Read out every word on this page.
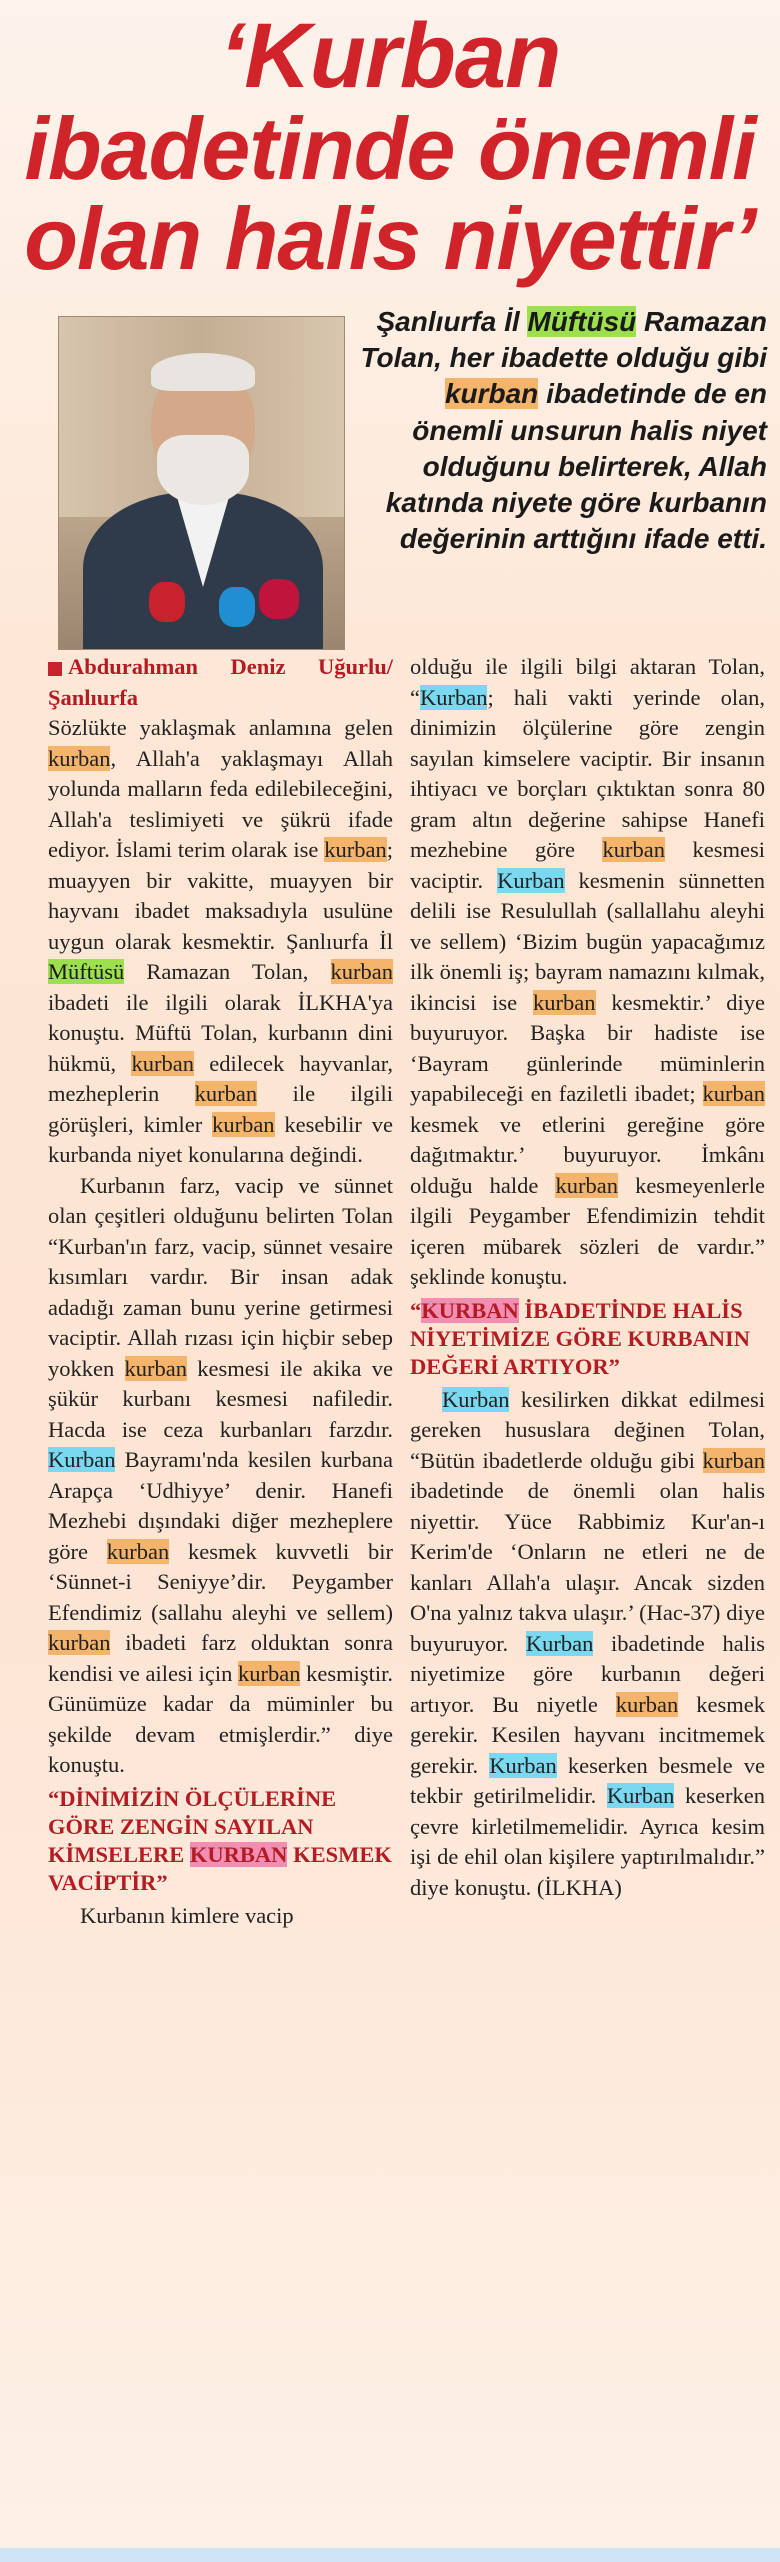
‘Kurban
ibadetinde önemli
olan halis niyettir’
Şanlıurfa İl Müftüsü Ramazan Tolan, her ibadette olduğu gibi kurban ibadetinde de en önemli unsurun halis niyet olduğunu belirterek, Allah katında niyete göre kurbanın değerinin arttığını ifade etti.
Abdurahman Deniz Uğurlu/Şanlıurfa

Sözlükte yaklaşmak anlamına gelen kurban, Allah'a yaklaşmayı Allah yolunda malların feda edilebileceğini, Allah'a teslimiyeti ve şükrü ifade ediyor. İslami terim olarak ise kurban; muayyen bir vakitte, muayyen bir hayvanı ibadet maksadıyla usulüne uygun olarak kesmektir. Şanlıurfa İl Müftüsü Ramazan Tolan, kurban ibadeti ile ilgili olarak İLKHA'ya konuştu. Müftü Tolan, kurbanın dini hükmü, kurban edilecek hayvanlar, mezheplerin kurban ile ilgili görüşleri, kimler kurban kesebilir ve kurbanda niyet konularına değindi.

Kurbanın farz, vacip ve sünnet olan çeşitleri olduğunu belirten Tolan “Kurban'ın farz, vacip, sünnet vesaire kısımları vardır. Bir insan adak adadığı zaman bunu yerine getirmesi vaciptir. Allah rızası için hiçbir sebep yokken kurban kesmesi ile akika ve şükür kurbanı kesmesi nafiledir. Hacda ise ceza kurbanları farzdır. Kurban Bayramı'nda kesilen kurbana Arapça ‘Udhiyye’ denir. Hanefi Mezhebi dışındaki diğer mezheplere göre kurban kesmek kuvvetli bir ‘Sünnet-i Seniyye’dir. Peygamber Efendimiz (sallahu aleyhi ve sellem) kurban ibadeti farz olduktan sonra kendisi ve ailesi için kurban kesmiştir. Günümüze kadar da müminler bu şekilde devam etmişlerdir.” diye konuştu.

“DİNİMİZİN ÖLÇÜLERİNE GÖRE ZENGİN SAYILAN KİMSELERE KURBAN KESMEK VACİPTİR”

Kurbanın kimlere vacip

olduğu ile ilgili bilgi aktaran Tolan, “Kurban; hali vakti yerinde olan, dinimizin ölçülerine göre zengin sayılan kimselere vaciptir. Bir insanın ihtiyacı ve borçları çıktıktan sonra 80 gram altın değerine sahipse Hanefi mezhebine göre kurban kesmesi vaciptir. Kurban kesmenin sünnetten delili ise Resulullah (sallallahu aleyhi ve sellem) ‘Bizim bugün yapacağımız ilk önemli iş; bayram namazını kılmak, ikincisi ise kurban kesmektir.’ diye buyuruyor. Başka bir hadiste ise ‘Bayram günlerinde müminlerin yapabileceği en faziletli ibadet; kurban kesmek ve etlerini gereğine göre dağıtmaktır.’ buyuruyor. İmkânı olduğu halde kurban kesmeyenlerle ilgili Peygamber Efendimizin tehdit içeren mübarek sözleri de vardır.” şeklinde konuştu.

“KURBAN İBADETİNDE HALİS NİYETİMİZE GÖRE KURBANIN DEĞERİ ARTIYOR”

Kurban kesilirken dikkat edilmesi gereken hususlara değinen Tolan, “Bütün ibadetlerde olduğu gibi kurban ibadetinde de önemli olan halis niyettir. Yüce Rabbimiz Kur'an-ı Kerim'de ‘Onların ne etleri ne de kanları Allah'a ulaşır. Ancak sizden O'na yalnız takva ulaşır.’ (Hac-37) diye buyuruyor. Kurban ibadetinde halis niyetimize göre kurbanın değeri artıyor. Bu niyetle kurban kesmek gerekir. Kesilen hayvanı incitmemek gerekir. Kurban keserken besmele ve tekbir getirilmelidir. Kurban keserken çevre kirletilmemelidir. Ayrıca kesim işi de ehil olan kişilere yaptırılmalıdır.” diye konuştu. (İLKHA)
